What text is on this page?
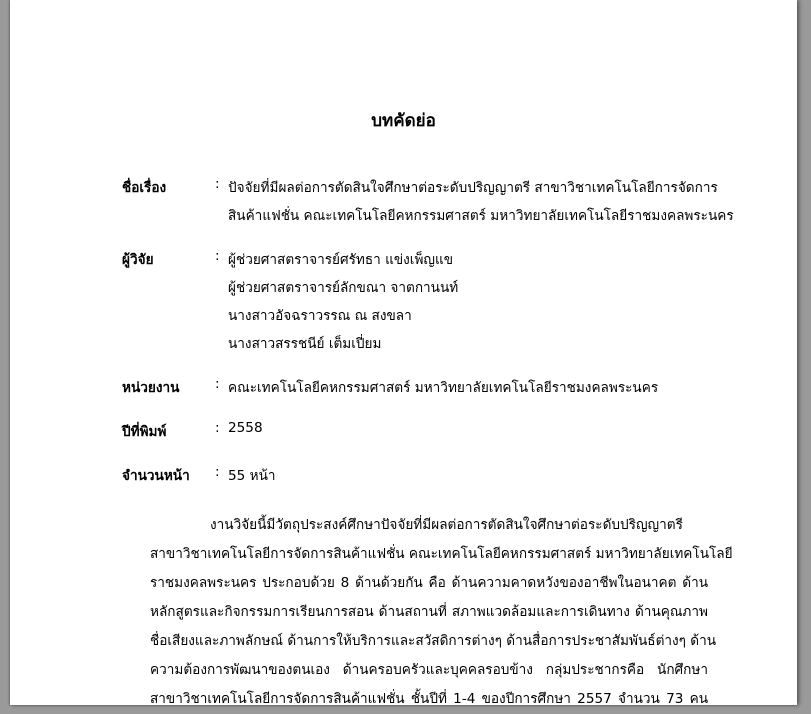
บทคัดย่อ
ชื่อเรื่อง	: ปัจจัยที่มีผลต่อการตัดสินใจศึกษาต่อระดับปริญญาตรี สาขาวิชาเทคโนโลยีการจัดการ
สินค้าแฟชั่น คณะเทคโนโลยีคหกรรมศาสตร์ มหาวิทยาลัยเทคโนโลยีราชมงคลพระนคร
ผู้วิจัย	: ผู้ช่วยศาสตราจารย์ศรัทธา แข่งเพ็ญแข
ผู้ช่วยศาสตราจารย์ลักขณา จาตกานนท์
นางสาวอัจฉราวรรณ ณ สงขลา
นางสาวสรรชนีย์ เต็มเปี่ยม
หน่วยงาน	: คณะเทคโนโลยีคหกรรมศาสตร์ มหาวิทยาลัยเทคโนโลยีราชมงคลพระนคร
ปีที่พิมพ์	: 2558
จำนวนหน้า : 55 หน้า

งานวิจัยนี้มีวัตถุประสงค์ศึกษาปัจจัยที่มีผลต่อการตัดสินใจศึกษาต่อระดับปริญญาตรี
สาขาวิชาเทคโนโลยีการจัดการสินค้าแฟชั่น คณะเทคโนโลยีคหกรรมศาสตร์ มหาวิทยาลัยเทคโนโลยี
ราชมงคลพระนคร ประกอบด้วย 8 ด้านด้วยกัน คือ ด้านความคาดหวังของอาชีพในอนาคต ด้าน
หลักสูตรและกิจกรรมการเรียนการสอน ด้านสถานที่ สภาพแวดล้อมและการเดินทาง ด้านคุณภาพ
ชื่อเสียงและภาพลักษณ์ ด้านการให้บริการและสวัสดิการต่างๆ ด้านสื่อการประชาสัมพันธ์ต่างๆ ด้าน
ความต้องการพัฒนาของตนเอง ด้านครอบครัวและบุคคลรอบข้าง กลุ่มประชากรคือ นักศึกษา
สาขาวิชาเทคโนโลยีการจัดการสินค้าแฟชั่น ชั้นปีที่ 1-4 ของปีการศึกษา 2557 จำนวน 73 คน
